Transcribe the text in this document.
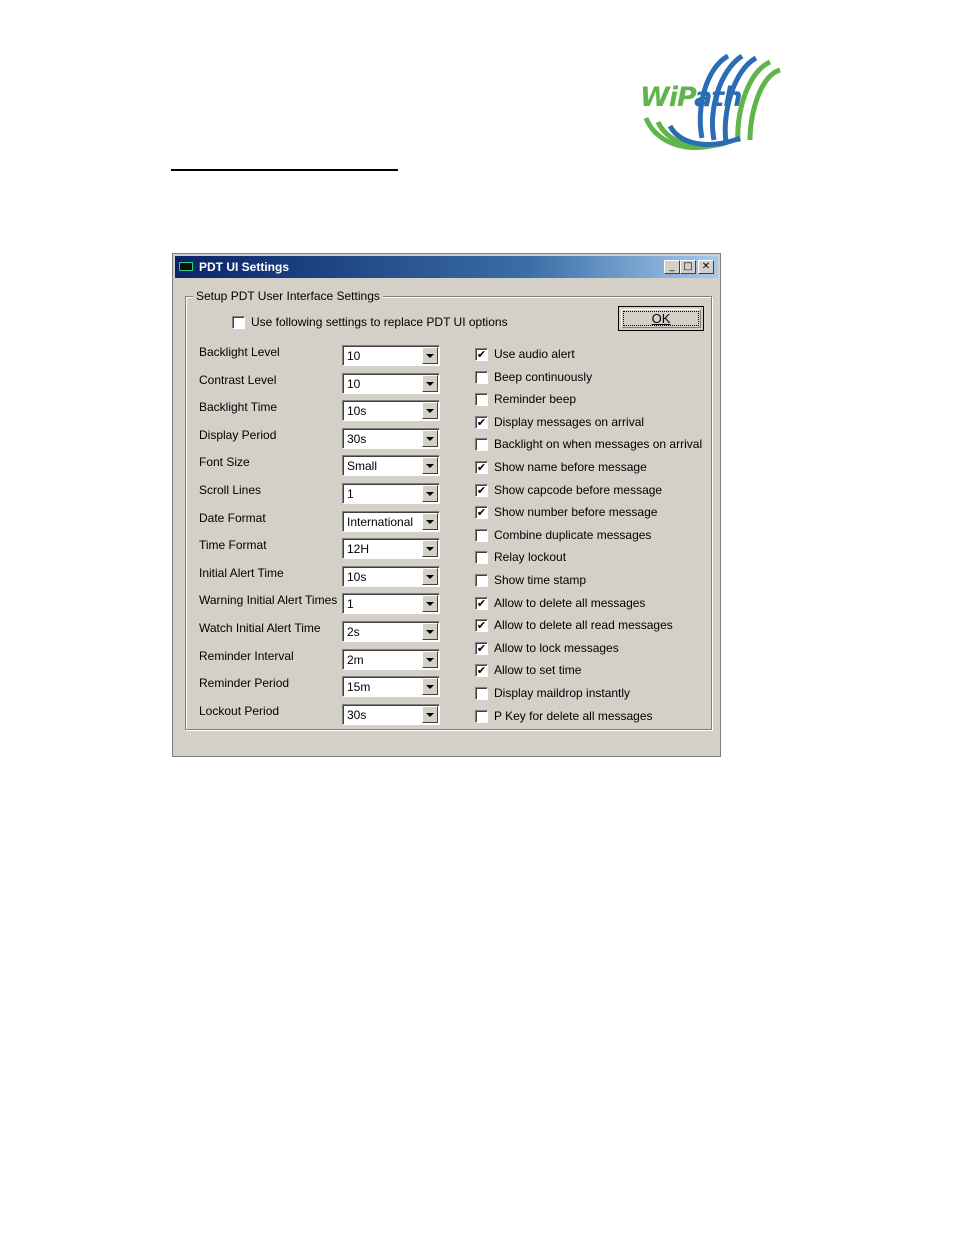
WiPath
PDT UI Settings	_ □ ✕
Setup PDT User Interface Settings
Use following settings to replace PDT UI options	OK
Backlight Level	10
Contrast Level	10
Backlight Time	10s
Display Period	30s
Font Size	Small
Scroll Lines	1
Date Format	International
Time Format	12H
Initial Alert Time	10s
Warning Initial Alert Times 1
Watch Initial Alert Time 2s
Reminder Interval	2m
Reminder Period	15m
Lockout Period	30s
✔ Use audio alert
Beep continuously
Reminder beep
✔ Display messages on arrival
Backlight on when messages on arrival
✔ Show name before message
✔ Show capcode before message
✔ Show number before message
Combine duplicate messages
Relay lockout
Show time stamp
✔ Allow to delete all messages
✔ Allow to delete all read messages
✔ Allow to lock messages
✔ Allow to set time
Display maildrop instantly
P Key for delete all messages
